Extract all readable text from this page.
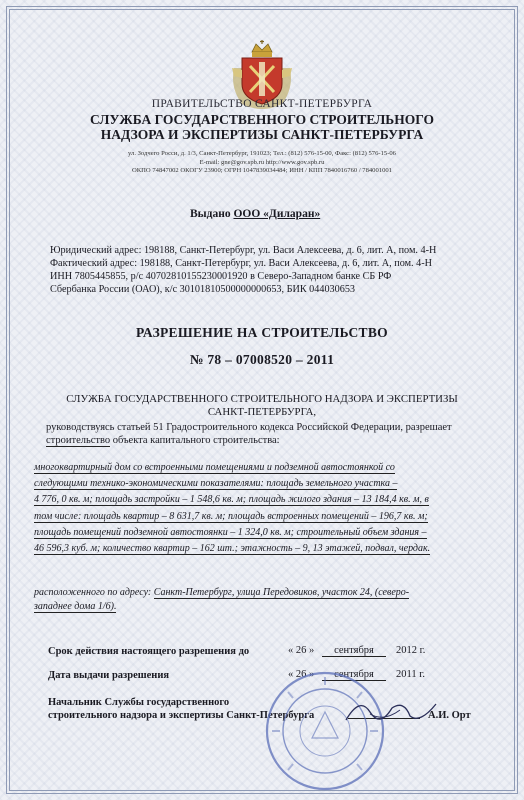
ПРАВИТЕЛЬСТВО САНКТ-ПЕТЕРБУРГА
СЛУЖБА ГОСУДАРСТВЕННОГО СТРОИТЕЛЬНОГО
НАДЗОРА И ЭКСПЕРТИЗЫ САНКТ-ПЕТЕРБУРГА
ул. Зодчего Росси, д. 1/3, Санкт-Петербург, 191023; Тел.: (812) 576-15-00, Факс: (812) 576-15-06
E-mail: gne@gov.spb.ru http://www.gov.spb.ru
ОКПО 74847002 ОКОГУ 23900; ОГРН 1047839034484; ИНН / КПП 7840016760 / 784001001
Выдано ООО «Диларан»
Юридический адрес: 198188, Санкт-Петербург, ул. Васи Алексеева, д. 6, лит. А, пом. 4-Н
Фактический адрес: 198188, Санкт-Петербург, ул. Васи Алексеева, д. 6, лит. А, пом. 4-Н
ИНН 7805445855, р/с 40702810155230001920 в Северо-Западном банке СБ РФ
Сбербанка России (ОАО), к/с 30101810500000000653, БИК 044030653
РАЗРЕШЕНИЕ НА СТРОИТЕЛЬСТВО
№ 78 – 07008520 – 2011
СЛУЖБА ГОСУДАРСТВЕННОГО СТРОИТЕЛЬНОГО НАДЗОРА И ЭКСПЕРТИЗЫ
САНКТ-ПЕТЕРБУРГА,
руководствуясь статьей 51 Градостроительного кодекса Российской Федерации, разрешает
строительство объекта капитального строительства:
многоквартирный дом со встроенными помещениями и подземной автостоянкой со
следующими технико-экономическими показателями: площадь земельного участка –
4 776, 0 кв. м; площадь застройки – 1 548,6 кв. м; площадь жилого здания – 13 184,4 кв. м, в
том числе: площадь квартир – 8 631,7 кв. м; площадь встроенных помещений – 196,7 кв. м;
площадь помещений подземной автостоянки – 1 324,0 кв. м; строительный объем здания –
46 596,3 куб. м; количество квартир – 162 шт.; этажность – 9, 13 этажей, подвал, чердак.
расположенного по адресу: Санкт-Петербург, улица Передовиков, участок 24, (северо-
западнее дома 1/6).
Срок действия настоящего разрешения до	« 26 »	сентября	2012 г.
Дата выдачи разрешения	« 26 »	сентября	2011 г.
Начальник Службы государственного
строительного надзора и экспертизы Санкт-Петербурга	А.И. Орт
